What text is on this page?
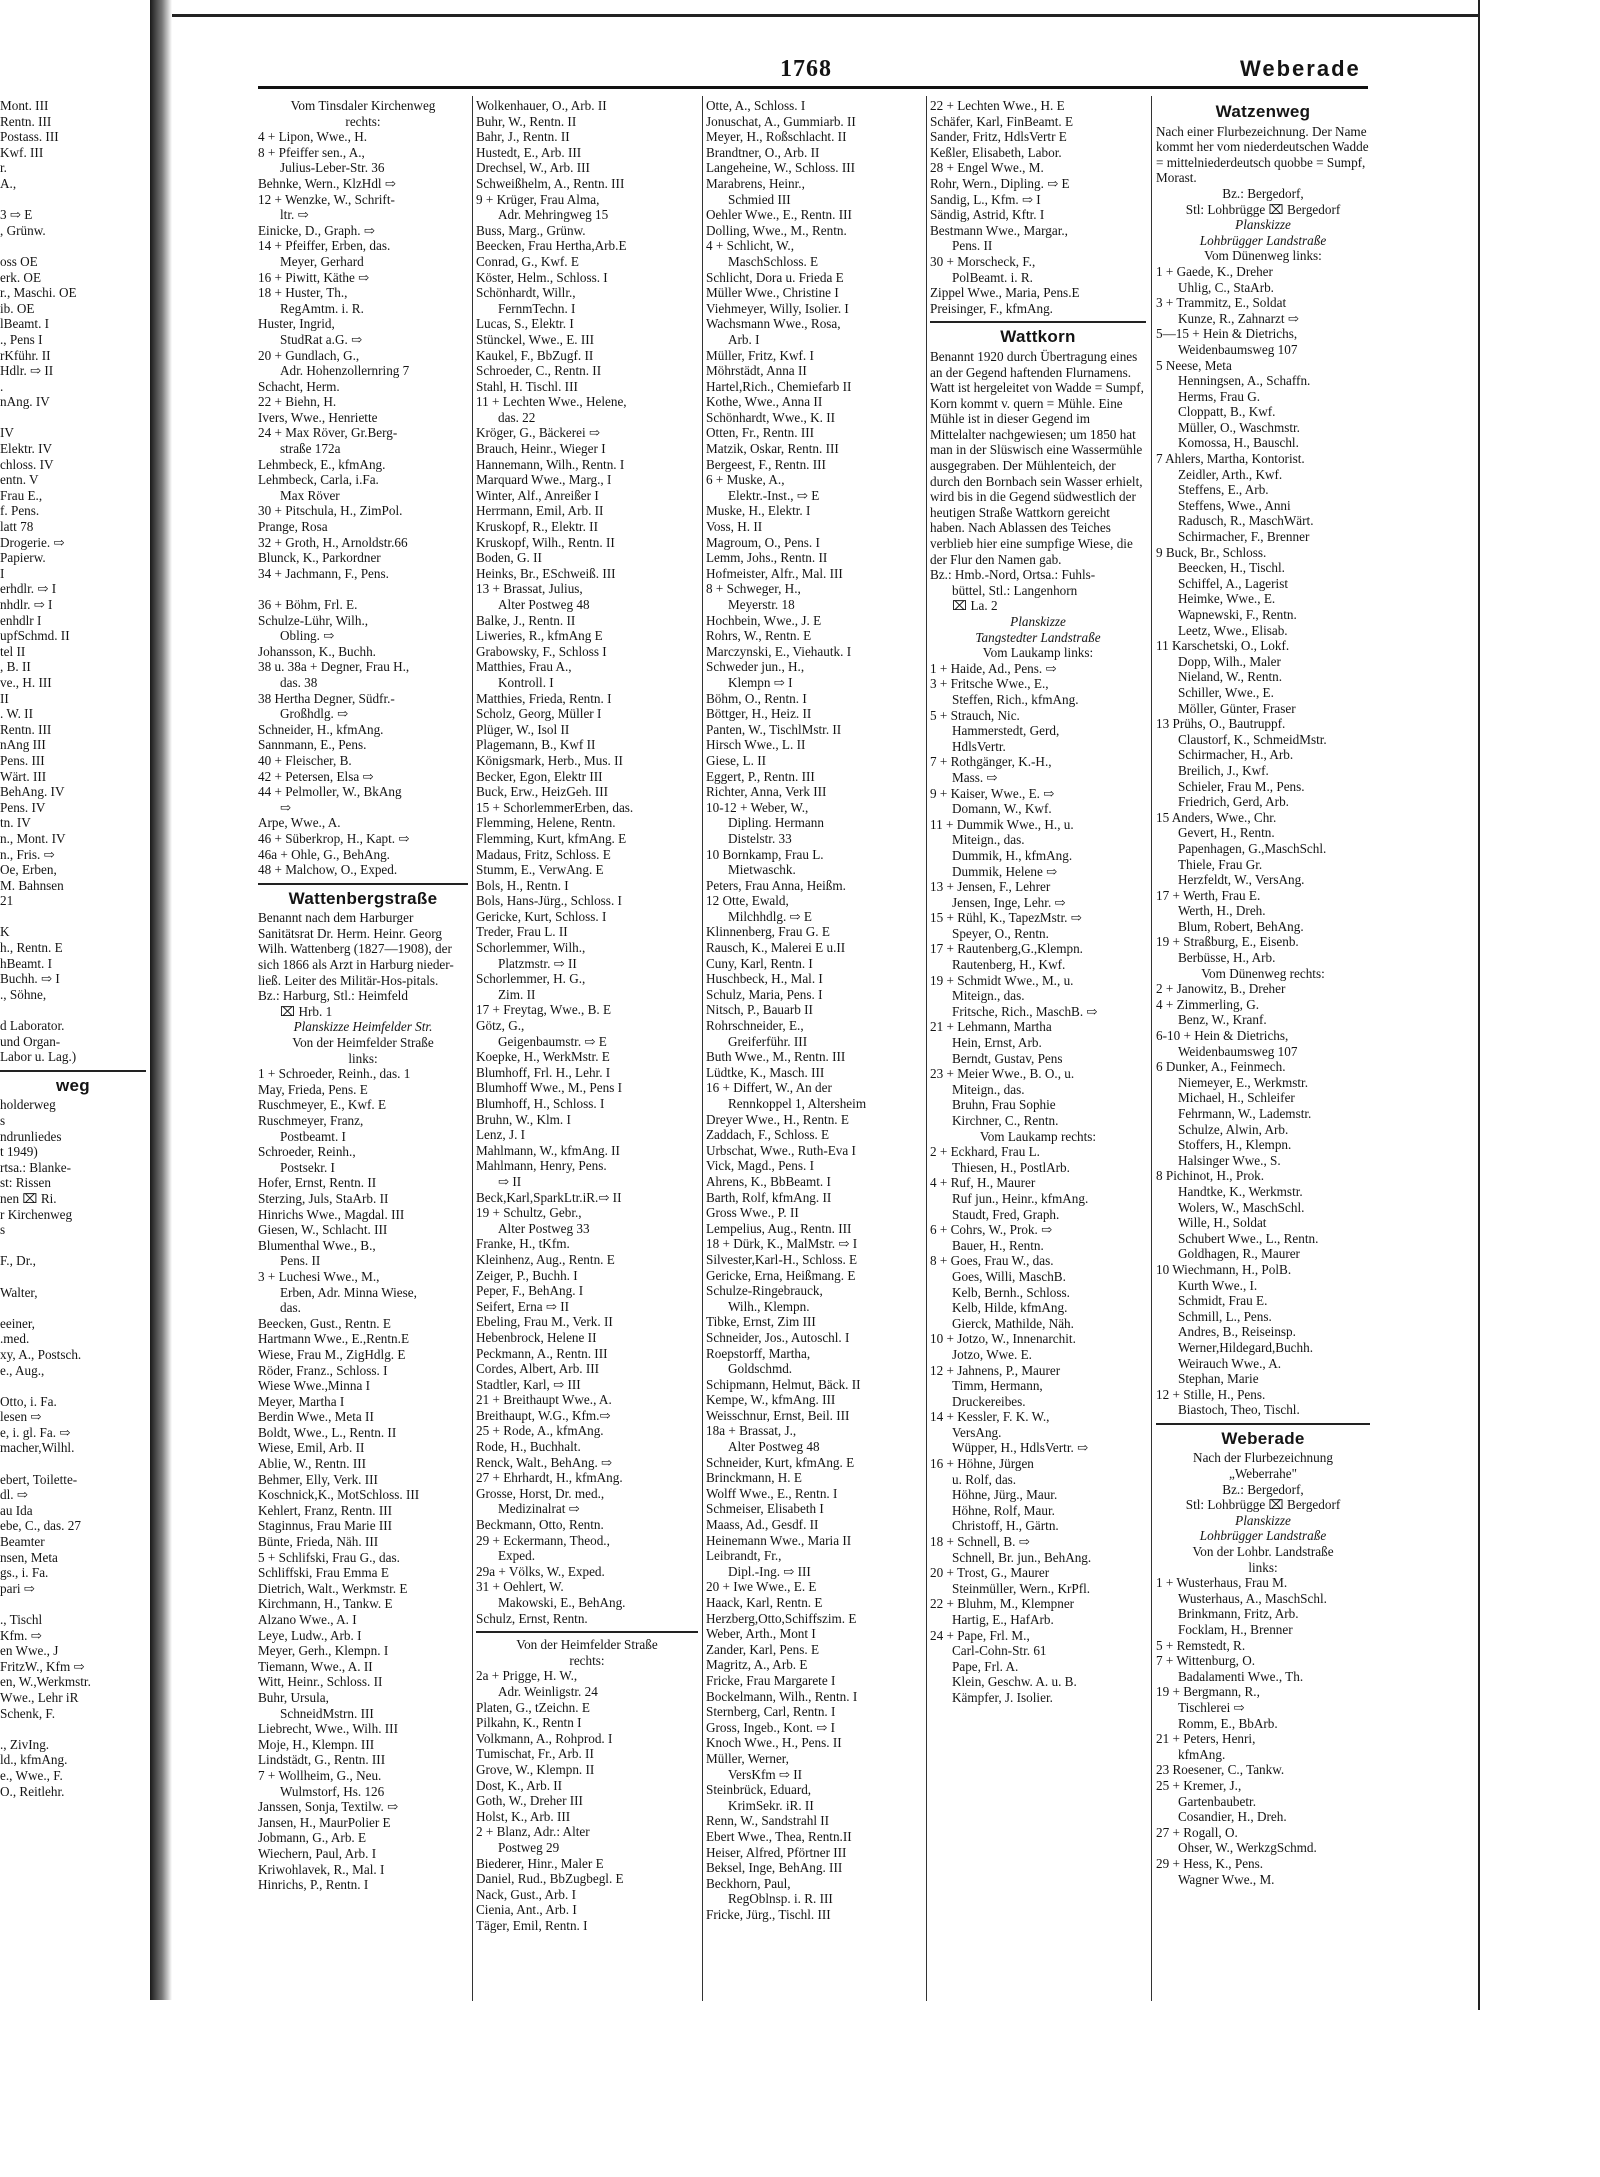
1768	Weberade
Mont. III
Rentn. III
Postass. III
Kwf. III
r.
A.,

3 ⇨ E
, Grünw.

oss OE
erk. OE
r., Maschi. OE
ib. OE
lBeamt. I
., Pens I
rKführ. II
Hdlr. ⇨ II
.
nAng. IV

IV
Elektr. IV
chloss. IV
entn. V
Frau E.,
f. Pens.
latt 78
Drogerie. ⇨
Papierw.
I
erhdlr. ⇨ I
nhdlr. ⇨ I
enhdlr I
upfSchmd. II
tel II
, B. II
ve., H. III
II
. W. II
Rentn. III
nAng III
Pens. III
Wärt. III
BehAng. IV
Pens. IV
tn. IV
n., Mont. IV
n., Fris. ⇨
Oe, Erben,
M. Bahnsen
21

K
h., Rentn. E
hBeamt. I
Buchh. ⇨ I
., Söhne,

d Laborator.
und Organ-
Labor u. Lag.)
weg
holderweg
s
ndrunliedes
t 1949)
rtsa.: Blanke-
st: Rissen
nen ⌧ Ri.
r Kirchenweg
s

F., Dr.,

Walter,

eeiner,
.med.
xy, A., Postsch.
e., Aug.,

Otto, i. Fa.
lesen ⇨
e, i. gl. Fa. ⇨
macher,Wilhl.

ebert, Toilette-
dl. ⇨
au Ida
ebe, C., das. 27
Beamter
nsen, Meta
gs., i. Fa.
pari ⇨

., Tischl
Kfm. ⇨
en Wwe., J
FritzW., Kfm ⇨
en, W.,Werkmstr.
Wwe., Lehr iR
Schenk, F.

., ZivIng.
ld., kfmAng.
e., Wwe., F.
O., Reitlehr.
Vom Tinsdaler Kirchenweg
rechts:
4 + Lipon, Wwe., H.
8 + Pfeiffer sen., A.,
Julius-Leber-Str. 36
Behnke, Wern., KlzHdl ⇨
12 + Wenzke, W., Schrift-
ltr. ⇨
Einicke, D., Graph. ⇨
14 + Pfeiffer, Erben, das.
Meyer, Gerhard
16 + Piwitt, Käthe ⇨
18 + Huster, Th.,
RegAmtm. i. R.
Huster, Ingrid,
StudRat a.G. ⇨
20 + Gundlach, G.,
Adr. Hohenzollernring 7
Schacht, Herm.
22 + Biehn, H.
Ivers, Wwe., Henriette
24 + Max Röver, Gr.Berg-
straße 172a
Lehmbeck, E., kfmAng.
Lehmbeck, Carla, i.Fa.
Max Röver
30 + Pitschula, H., ZimPol.
Prange, Rosa
32 + Groth, H., Arnoldstr.66
Blunck, K., Parkordner
34 + Jachmann, F., Pens.

36 + Böhm, Frl. E.
Schulze-Lühr, Wilh.,
Obling. ⇨
Johansson, K., Buchh.
38 u. 38a + Degner, Frau H.,
das. 38
38 Hertha Degner, Südfr.-
Großhdlg. ⇨
Schneider, H., kfmAng.
Sannmann, E., Pens.
40 + Fleischer, B.
42 + Petersen, Elsa ⇨
44 + Pelmoller, W., BkAng
⇨
Arpe, Wwe., A.
46 + Süberkrop, H., Kapt. ⇨
46a + Ohle, G., BehAng.
48 + Malchow, O., Exped.
Wattenbergstraße
Benannt nach dem Harburger Sanitätsrat Dr. Herm. Heinr. Georg Wilh. Wattenberg (1827—1908), der sich 1866 als Arzt in Harburg nieder-ließ. Leiter des Militär-Hos-pitals.
Bz.: Harburg, Stl.: Heimfeld
⌧ Hrb. 1
Planskizze Heimfelder Str.
Von der Heimfelder Straße
links:
1 + Schroeder, Reinh., das. 1
May, Frieda, Pens. E
Ruschmeyer, E., Kwf. E
Ruschmeyer, Franz,
Postbeamt. I
Schroeder, Reinh.,
Postsekr. I
Hofer, Ernst, Rentn. II
Sterzing, Juls, StaArb. II
Hinrichs Wwe., Magdal. III
Giesen, W., Schlacht. III
Blumenthal Wwe., B.,
Pens. II
3 + Luchesi Wwe., M.,
Erben, Adr. Minna Wiese,
das.
Beecken, Gust., Rentn. E
Hartmann Wwe., E.,Rentn.E
Wiese, Frau M., ZigHdlg. E
Röder, Franz., Schloss. I
Wiese Wwe.,Minna I
Meyer, Martha I
Berdin Wwe., Meta II
Boldt, Wwe., L., Rentn. II
Wiese, Emil, Arb. II
Ablie, W., Rentn. III
Behmer, Elly, Verk. III
Koschnick,K., MotSchloss. III
Kehlert, Franz, Rentn. III
Staginnus, Frau Marie III
Bünte, Frieda, Näh. III
5 + Schlifski, Frau G., das.
Schliffski, Frau Emma E
Dietrich, Walt., Werkmstr. E
Kirchmann, H., Tankw. E
Alzano Wwe., A. I
Leye, Ludw., Arb. I
Meyer, Gerh., Klempn. I
Tiemann, Wwe., A. II
Witt, Heinr., Schloss. II
Buhr, Ursula,
SchneidMstrn. III
Liebrecht, Wwe., Wilh. III
Moje, H., Klempn. III
Lindstädt, G., Rentn. III
7 + Wollheim, G., Neu.
Wulmstorf, Hs. 126
Janssen, Sonja, Textilw. ⇨
Jansen, H., MaurPolier E
Jobmann, G., Arb. E
Wiechern, Paul, Arb. I
Kriwohlavek, R., Mal. I
Hinrichs, P., Rentn. I
Wolkenhauer, O., Arb. II
Buhr, W., Rentn. II
Bahr, J., Rentn. II
Hustedt, E., Arb. III
Drechsel, W., Arb. III
Schweißhelm, A., Rentn. III
9 + Krüger, Frau Alma,
Adr. Mehringweg 15
Buss, Marg., Grünw.
Beecken, Frau Hertha,Arb.E
Conrad, G., Kwf. E
Köster, Helm., Schloss. I
Schönhardt, Willr.,
FernmTechn. I
Lucas, S., Elektr. I
Stünckel, Wwe., E. III
Kaukel, F., BbZugf. II
Schroeder, C., Rentn. II
Stahl, H. Tischl. III
11 + Lechten Wwe., Helene,
das. 22
Kröger, G., Bäckerei ⇨
Brauch, Heinr., Wieger I
Hannemann, Wilh., Rentn. I
Marquard Wwe., Marg., I
Winter, Alf., Anreißer I
Herrmann, Emil, Arb. II
Kruskopf, R., Elektr. II
Kruskopf, Wilh., Rentn. II
Boden, G. II
Heinks, Br., ESchweiß. III
13 + Brassat, Julius,
Alter Postweg 48
Balke, J., Rentn. II
Liweries, R., kfmAng E
Grabowsky, F., Schloss I
Matthies, Frau A.,
Kontroll. I
Matthies, Frieda, Rentn. I
Scholz, Georg, Müller I
Plüger, W., Isol II
Plagemann, B., Kwf II
Königsmark, Herb., Mus. II
Becker, Egon, Elektr III
Buck, Erw., HeizGeh. III
15 + SchorlemmerErben, das.
Flemming, Helene, Rentn.
Flemming, Kurt, kfmAng. E
Madaus, Fritz, Schloss. E
Stumm, E., VerwAng. E
Bols, H., Rentn. I
Bols, Hans-Jürg., Schloss. I
Gericke, Kurt, Schloss. I
Treder, Frau L. II
Schorlemmer, Wilh.,
Platzmstr. ⇨ II
Schorlemmer, H. G.,
Zim. II
17 + Freytag, Wwe., B. E
Götz, G.,
Geigenbaumstr. ⇨ E
Koepke, H., WerkMstr. E
Blumhoff, Frl. H., Lehr. I
Blumhoff Wwe., M., Pens I
Blumhoff, H., Schloss. I
Bruhn, W., Klm. I
Lenz, J. I
Mahlmann, W., kfmAng. II
Mahlmann, Henry, Pens.
⇨ II
Beck,Karl,SparkLtr.iR.⇨ II
19 + Schultz, Gebr.,
Alter Postweg 33
Franke, H., tKfm.
Kleinhenz, Aug., Rentn. E
Zeiger, P., Buchh. I
Peper, F., BehAng. I
Seifert, Erna ⇨ II
Ebeling, Frau M., Verk. II
Hebenbrock, Helene II
Peckmann, A., Rentn. III
Cordes, Albert, Arb. III
Stadtler, Karl, ⇨ III
21 + Breithaupt Wwe., A.
Breithaupt, W.G., Kfm.⇨
25 + Rode, A., kfmAng.
Rode, H., Buchhalt.
Renck, Walt., BehAng. ⇨
27 + Ehrhardt, H., kfmAng.
Grosse, Horst, Dr. med.,
Medizinalrat ⇨
Beckmann, Otto, Rentn.
29 + Eckermann, Theod.,
Exped.
29a + Völks, W., Exped.
31 + Oehlert, W.
Makowski, E., BehAng.
Schulz, Ernst, Rentn.
Von der Heimfelder Straße
rechts:
2a + Prigge, H. W.,
Adr. Weinligstr. 24
Platen, G., tZeichn. E
Pilkahn, K., Rentn I
Volkmann, A., Rohprod. I
Tumischat, Fr., Arb. II
Grove, W., Klempn. II
Dost, K., Arb. II
Goth, W., Dreher III
Holst, K., Arb. III
2 + Blanz, Adr.: Alter
Postweg 29
Biederer, Hinr., Maler E
Daniel, Rud., BbZugbegl. E
Nack, Gust., Arb. I
Cienia, Ant., Arb. I
Täger, Emil, Rentn. I
Otte, A., Schloss. I
Jonuschat, A., Gummiarb. II
Meyer, H., Roßschlacht. II
Brandtner, O., Arb. II
Langeheine, W., Schloss. III
Marabrens, Heinr.,
Schmied III
Oehler Wwe., E., Rentn. III
Dolling, Wwe., M., Rentn.
4 + Schlicht, W.,
MaschSchloss. E
Schlicht, Dora u. Frieda E
Müller Wwe., Christine I
Viehmeyer, Willy, Isolier. I
Wachsmann Wwe., Rosa,
Arb. I
Müller, Fritz, Kwf. I
Möhrstädt, Anna II
Hartel,Rich., Chemiefarb II
Kothe, Wwe., Anna II
Schönhardt, Wwe., K. II
Otten, Fr., Rentn. III
Matzik, Oskar, Rentn. III
Bergeest, F., Rentn. III
6 + Muske, A.,
Elektr.-Inst., ⇨ E
Muske, H., Elektr. I
Voss, H. II
Magroum, O., Pens. I
Lemm, Johs., Rentn. II
Hofmeister, Alfr., Mal. III
8 + Schweger, H.,
Meyerstr. 18
Hochbein, Wwe., J. E
Rohrs, W., Rentn. E
Marczynski, E., Viehautk. I
Schweder jun., H.,
Klempn ⇨ I
Böhm, O., Rentn. I
Böttger, H., Heiz. II
Panten, W., TischlMstr. II
Hirsch Wwe., L. II
Giese, L. II
Eggert, P., Rentn. III
Richter, Anna, Verk III
10-12 + Weber, W.,
Dipling. Hermann
Distelstr. 33
10 Bornkamp, Frau L.
Mietwaschk.
Peters, Frau Anna, Heißm.
12 Otte, Ewald,
Milchhdlg. ⇨ E
Klinnenberg, Frau G. E
Rausch, K., Malerei E u.II
Cuny, Karl, Rentn. I
Huschbeck, H., Mal. I
Schulz, Maria, Pens. I
Nitsch, P., Bauarb II
Rohrschneider, E.,
Greiferführ. III
Buth Wwe., M., Rentn. III
Lüdtke, K., Masch. III
16 + Differt, W., An der
Rennkoppel 1, Altersheim
Dreyer Wwe., H., Rentn. E
Zaddach, F., Schloss. E
Urbschat, Wwe., Ruth-Eva I
Vick, Magd., Pens. I
Ahrens, K., BbBeamt. I
Barth, Rolf, kfmAng. II
Gross Wwe., P. II
Lempelius, Aug., Rentn. III
18 + Dürk, K., MalMstr. ⇨ I
Silvester,Karl-H., Schloss. E
Gericke, Erna, Heißmang. E
Schulze-Ringebrauck,
Wilh., Klempn.
Tibke, Ernst, Zim III
Schneider, Jos., Autoschl. I
Roepstorff, Martha,
Goldschmd.
Schipmann, Helmut, Bäck. II
Kempe, W., kfmAng. III
Weisschnur, Ernst, Beil. III
18a + Brassat, J.,
Alter Postweg 48
Schneider, Kurt, kfmAng. E
Brinckmann, H. E
Wolff Wwe., E., Rentn. I
Schmeiser, Elisabeth I
Maass, Ad., Gesdf. II
Heinemann Wwe., Maria II
Leibrandt, Fr.,
Dipl.-Ing. ⇨ III
20 + Iwe Wwe., E. E
Haack, Karl, Rentn. E
Herzberg,Otto,Schiffszim. E
Weber, Arth., Mont I
Zander, Karl, Pens. E
Magritz, A., Arb. E
Fricke, Frau Margarete I
Bockelmann, Wilh., Rentn. I
Sternberg, Carl, Rentn. I
Gross, Ingeb., Kont. ⇨ I
Knoch Wwe., H., Pens. II
Müller, Werner,
VersKfm ⇨ II
Steinbrück, Eduard,
KrimSekr. iR. II
Renn, W., Sandstrahl II
Ebert Wwe., Thea, Rentn.II
Heiser, Alfred, Pförtner III
Beksel, Inge, BehAng. III
Beckhorn, Paul,
RegOblnsp. i. R. III
Fricke, Jürg., Tischl. III
22 + Lechten Wwe., H. E
Schäfer, Karl, FinBeamt. E
Sander, Fritz, HdlsVertr E
Keßler, Elisabeth, Labor.
28 + Engel Wwe., M.
Rohr, Wern., Diplіng. ⇨ E
Sandig, L., Kfm. ⇨ I
Sändig, Astrid, Kftr. I
Bestmann Wwe., Margar.,
Pens. II
30 + Morscheck, F.,
PolBeamt. i. R.
Zippel Wwe., Maria, Pens.E
Preisinger, F., kfmAng.
Wattkorn
Benannt 1920 durch Übertragung eines an der Gegend haftenden Flurnamens. Watt ist hergeleitet von Wadde = Sumpf, Korn kommt v. quern = Mühle. Eine Mühle ist in dieser Gegend im Mittelalter nachgewiesen; um 1850 hat man in der Slüswisch eine Wassermühle ausgegraben. Der Mühlenteich, der durch den Bornbach sein Wasser erhielt, wird bis in die Gegend südwestlich der heutigen Straße Wattkorn gereicht haben. Nach Ablassen des Teiches verblieb hier eine sumpfige Wiese, die der Flur den Namen gab.
Bz.: Hmb.-Nord, Ortsa.: Fuhls-
büttel, Stl.: Langenhorn
⌧ La. 2
Planskizze
Tangstedter Landstraße
Vom Laukamp links:
1 + Haide, Ad., Pens. ⇨
3 + Fritsche Wwe., E.,
Steffen, Rich., kfmAng.
5 + Strauch, Nic.
Hammerstedt, Gerd,
HdlsVertr.
7 + Rothgänger, K.-H.,
Mass. ⇨
9 + Kaiser, Wwe., E. ⇨
Domann, W., Kwf.
11 + Dummik Wwe., H., u.
Miteign., das.
Dummik, H., kfmAng.
Dummik, Helene ⇨
13 + Jensen, F., Lehrer
Jensen, Inge, Lehr. ⇨
15 + Rühl, K., TapezMstr. ⇨
Speyer, O., Rentn.
17 + Rautenberg,G.,Klempn.
Rautenberg, H., Kwf.
19 + Schmidt Wwe., M., u.
Miteign., das.
Fritsche, Rich., MaschB. ⇨
21 + Lehmann, Martha
Hein, Ernst, Arb.
Berndt, Gustav, Pens
23 + Meier Wwe., B. O., u.
Miteign., das.
Bruhn, Frau Sophie
Kirchner, C., Rentn.
Vom Laukamp rechts:
2 + Eckhard, Frau L.
Thiesen, H., PostlArb.
4 + Ruf, H., Maurer
Ruf jun., Heinr., kfmAng.
Staudt, Fred, Graph.
6 + Cohrs, W., Prok. ⇨
Bauer, H., Rentn.
8 + Goes, Frau W., das.
Goes, Willi, MaschB.
Kelb, Bernh., Schloss.
Kelb, Hilde, kfmAng.
Gierck, Mathilde, Näh.
10 + Jotzo, W., Innenarchit.
Jotzo, Wwe. E.
12 + Jahnens, P., Maurer
Timm, Hermann,
Druckereibes.
14 + Kessler, F. K. W.,
VersAng.
Wüpper, H., HdlsVertr. ⇨
16 + Höhne, Jürgen
u. Rolf, das.
Höhne, Jürg., Maur.
Höhne, Rolf, Maur.
Christoff, H., Gärtn.
18 + Schnell, B. ⇨
Schnell, Br. jun., BehAng.
20 + Trost, G., Maurer
Steinmüller, Wern., KrPfl.
22 + Bluhm, M., Klempner
Hartig, E., HafArb.
24 + Pape, Frl. M.,
Carl-Cohn-Str. 61
Pape, Frl. A.
Klein, Geschw. A. u. B.
Kämpfer, J. Isolier.
Watzenweg
Nach einer Flurbezeichnung. Der Name kommt her vom niederdeutschen Wadde = mittelniederdeutsch quobbe = Sumpf, Morast.
Bz.: Bergedorf,
Stl: Lohbrügge ⌧ Bergedorf
Planskizze
Lohbrügger Landstraße
Vom Dünenweg links:
1 + Gaede, K., Dreher
Uhlig, C., StaArb.
3 + Trammitz, E., Soldat
Kunze, R., Zahnarzt ⇨
5—15 + Hein & Dietrichs,
Weidenbaumsweg 107
5 Neese, Meta
Henningsen, A., Schaffn.
Herms, Frau G.
Cloppatt, B., Kwf.
Müller, O., Waschmstr.
Komossa, H., Bauschl.
7 Ahlers, Martha, Kontorist.
Zeidler, Arth., Kwf.
Steffens, E., Arb.
Steffens, Wwe., Anni
Radusch, R., MaschWärt.
Schirmacher, F., Brenner
9 Buck, Br., Schloss.
Beecken, H., Tischl.
Schiffel, A., Lagerist
Heimke, Wwe., E.
Wapnewski, F., Rentn.
Leetz, Wwe., Elisab.
11 Karschetski, O., Lokf.
Dopp, Wilh., Maler
Nieland, W., Rentn.
Schiller, Wwe., E.
Möller, Günter, Fraser
13 Prühs, O., Bautruppf.
Claustorf, K., SchmeidMstr.
Schirmacher, H., Arb.
Breilich, J., Kwf.
Schieler, Frau M., Pens.
Friedrich, Gerd, Arb.
15 Anders, Wwe., Chr.
Gevert, H., Rentn.
Papenhagen, G.,MaschSchl.
Thiele, Frau Gr.
Herzfeldt, W., VersAng.
17 + Werth, Frau E.
Werth, H., Dreh.
Blum, Robert, BehAng.
19 + Straßburg, E., Eisenb.
Berbüsse, H., Arb.
Vom Dünenweg rechts:
2 + Janowitz, B., Dreher
4 + Zimmerling, G.
Benz, W., Kranf.
6-10 + Hein & Dietrichs,
Weidenbaumsweg 107
6 Dunker, A., Feinmech.
Niemeyer, E., Werkmstr.
Michael, H., Schleifer
Fehrmann, W., Lademstr.
Schulze, Alwin, Arb.
Stoffers, H., Klempn.
Halsinger Wwe., S.
8 Pichinot, H., Prok.
Handtke, K., Werkmstr.
Wolers, W., MaschSchl.
Wille, H., Soldat
Schubert Wwe., L., Rentn.
Goldhagen, R., Maurer
10 Wiechmann, H., PolB.
Kurth Wwe., I.
Schmidt, Frau E.
Schmill, L., Pens.
Andres, B., Reiseinsp.
Werner,Hildegard,Buchh.
Weirauch Wwe., A.
Stephan, Marie
12 + Stille, H., Pens.
Biastoch, Theo, Tischl.
Weberade
Nach der Flurbezeichnung
„Weberrahe"
Bz.: Bergedorf,
Stl: Lohbrügge ⌧ Bergedorf
Planskizze
Lohbrügger Landstraße
Von der Lohbr. Landstraße
links:
1 + Wusterhaus, Frau M.
Wusterhaus, A., MaschSchl.
Brinkmann, Fritz, Arb.
Focklam, H., Brenner
5 + Remstedt, R.
7 + Wittenburg, O.
Badalamenti Wwe., Th.
19 + Bergmann, R.,
Tischlerei ⇨
Romm, E., BbArb.
21 + Peters, Henri,
kfmAng.
23 Roesener, C., Tankw.
25 + Kremer, J.,
Gartenbaubetr.
Cosandier, H., Dreh.
27 + Rogall, O.
Ohser, W., WerkzgSchmd.
29 + Hess, K., Pens.
Wagner Wwe., M.
